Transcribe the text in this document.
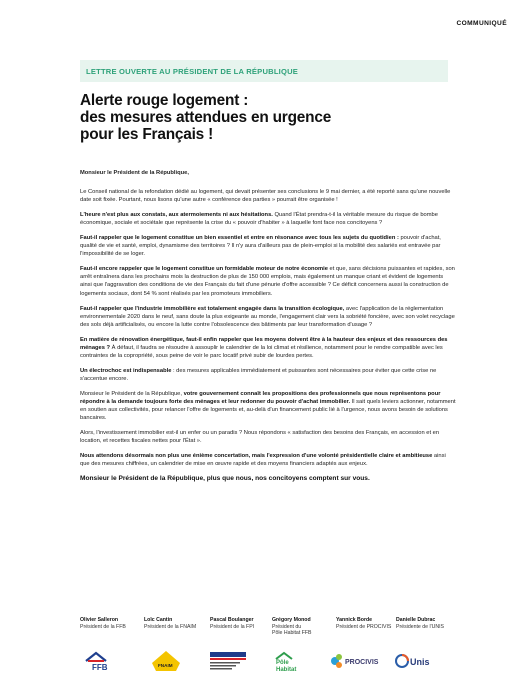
COMMUNIQUÉ
LETTRE OUVERTE AU PRÉSIDENT DE LA RÉPUBLIQUE
Alerte rouge logement :
des mesures attendues en urgence
pour les Français !
Monsieur le Président de la République,
Le Conseil national de la refondation dédié au logement, qui devait présenter ses conclusions le 9 mai dernier, a été reporté sans qu'une nouvelle date soit fixée. Pourtant, nous lisons qu'une autre « conférence des parties » pourrait être organisée !
L'heure n'est plus aux constats, aux atermoiements ni aux hésitations. Quand l'État prendra-t-il la véritable mesure du risque de bombe économique, sociale et sociétale que représente la crise du « pouvoir d'habiter » à laquelle font face nos concitoyens ?
Faut-il rappeler que le logement constitue un bien essentiel et entre en résonance avec tous les sujets du quotidien : pouvoir d'achat, qualité de vie et santé, emploi, dynamisme des territoires ? Il n'y aura d'ailleurs pas de plein-emploi si la mobilité des salariés est entravée par l'impossibilité de se loger.
Faut-il encore rappeler que le logement constitue un formidable moteur de notre économie et que, sans décisions puissantes et rapides, son arrêt entraînera dans les prochains mois la destruction de plus de 150 000 emplois, mais également un manque criant et évident de logements ainsi que l'aggravation des conditions de vie des Français du fait d'une pénurie d'offre accessible ? Ce déficit concernera aussi la construction de logements sociaux, dont 54 % sont réalisés par les promoteurs immobiliers.
Faut-il rappeler que l'industrie immobilière est totalement engagée dans la transition écologique, avec l'application de la réglementation environnementale 2020 dans le neuf, sans doute la plus exigeante au monde, l'engagement clair vers la sobriété foncière, avec son volet recyclage des sols déjà artificialisés, ou encore la lutte contre l'obsolescence des bâtiments par leur transformation d'usage ?
En matière de rénovation énergétique, faut-il enfin rappeler que les moyens doivent être à la hauteur des enjeux et des ressources des ménages ? À défaut, il faudra se résoudre à assouplir le calendrier de la loi climat et résilience, notamment pour le rendre compatible avec les contraintes de la copropriété, sous peine de voir le parc locatif privé subir de lourdes pertes.
Un électrochoc est indispensable : des mesures applicables immédiatement et puissantes sont nécessaires pour éviter que cette crise ne s'accentue encore.
Monsieur le Président de la République, votre gouvernement connaît les propositions des professionnels que nous représentons pour répondre à la demande toujours forte des ménages et leur redonner du pouvoir d'achat immobilier. Il sait quels leviers actionner, notamment en soutien aux collectivités, pour relancer l'offre de logements et, au-delà d'un financement public lié à l'urgence, nous avons besoin de solutions bancaires.
Alors, l'investissement immobilier est-il un enfer ou un paradis ? Nous répondons « satisfaction des besoins des Français, en accession et en location, et recettes fiscales nettes pour l'État ».
Nous attendons désormais non plus une énième concertation, mais l'expression d'une volonté présidentielle claire et ambitieuse ainsi que des mesures chiffrées, un calendrier de mise en œuvre rapide et des moyens financiers adaptés aux enjeux.
Monsieur le Président de la République, plus que nous, nos concitoyens comptent sur vous.
Olivier Salleron
Président de la FFB
Loïc Cantin
Président de la FNAIM
Pascal Boulanger
Président de la FPI
Grégory Monod
Président du
Pôle Habitat FFB
Yannick Borde
Président de PROCIVIS
Danielle Dubrac
Présidente de l'UNIS
FFB	FNAIM	Pôle
Habitat
PROCIVIS	Unis
